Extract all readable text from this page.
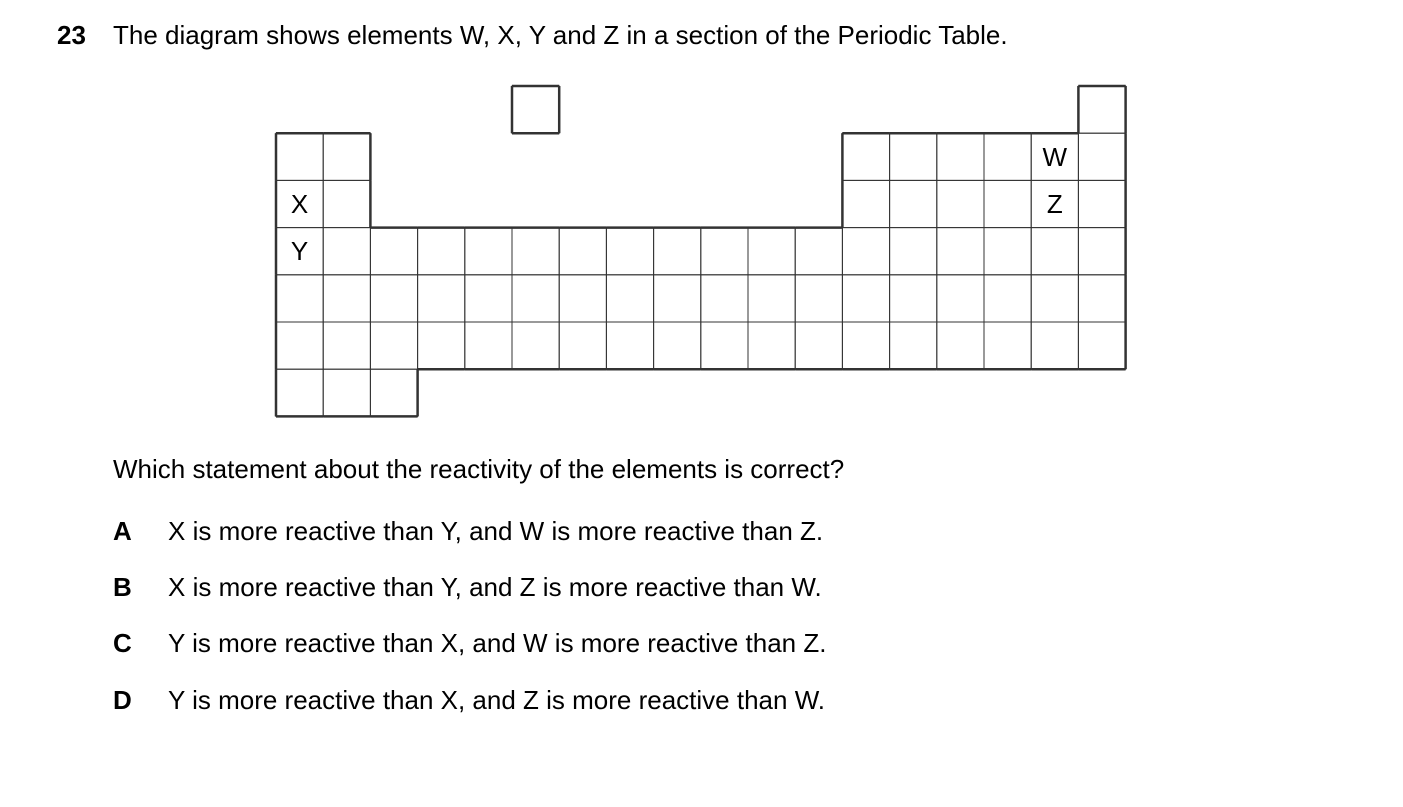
23 The diagram shows elements W, X, Y and Z in a section of the Periodic Table.
W
X
Y
Z
Which statement about the reactivity of the elements is correct?
A X is more reactive than Y, and W is more reactive than Z.
B X is more reactive than Y, and Z is more reactive than W.
C Y is more reactive than X, and W is more reactive than Z.
D Y is more reactive than X, and Z is more reactive than W.
